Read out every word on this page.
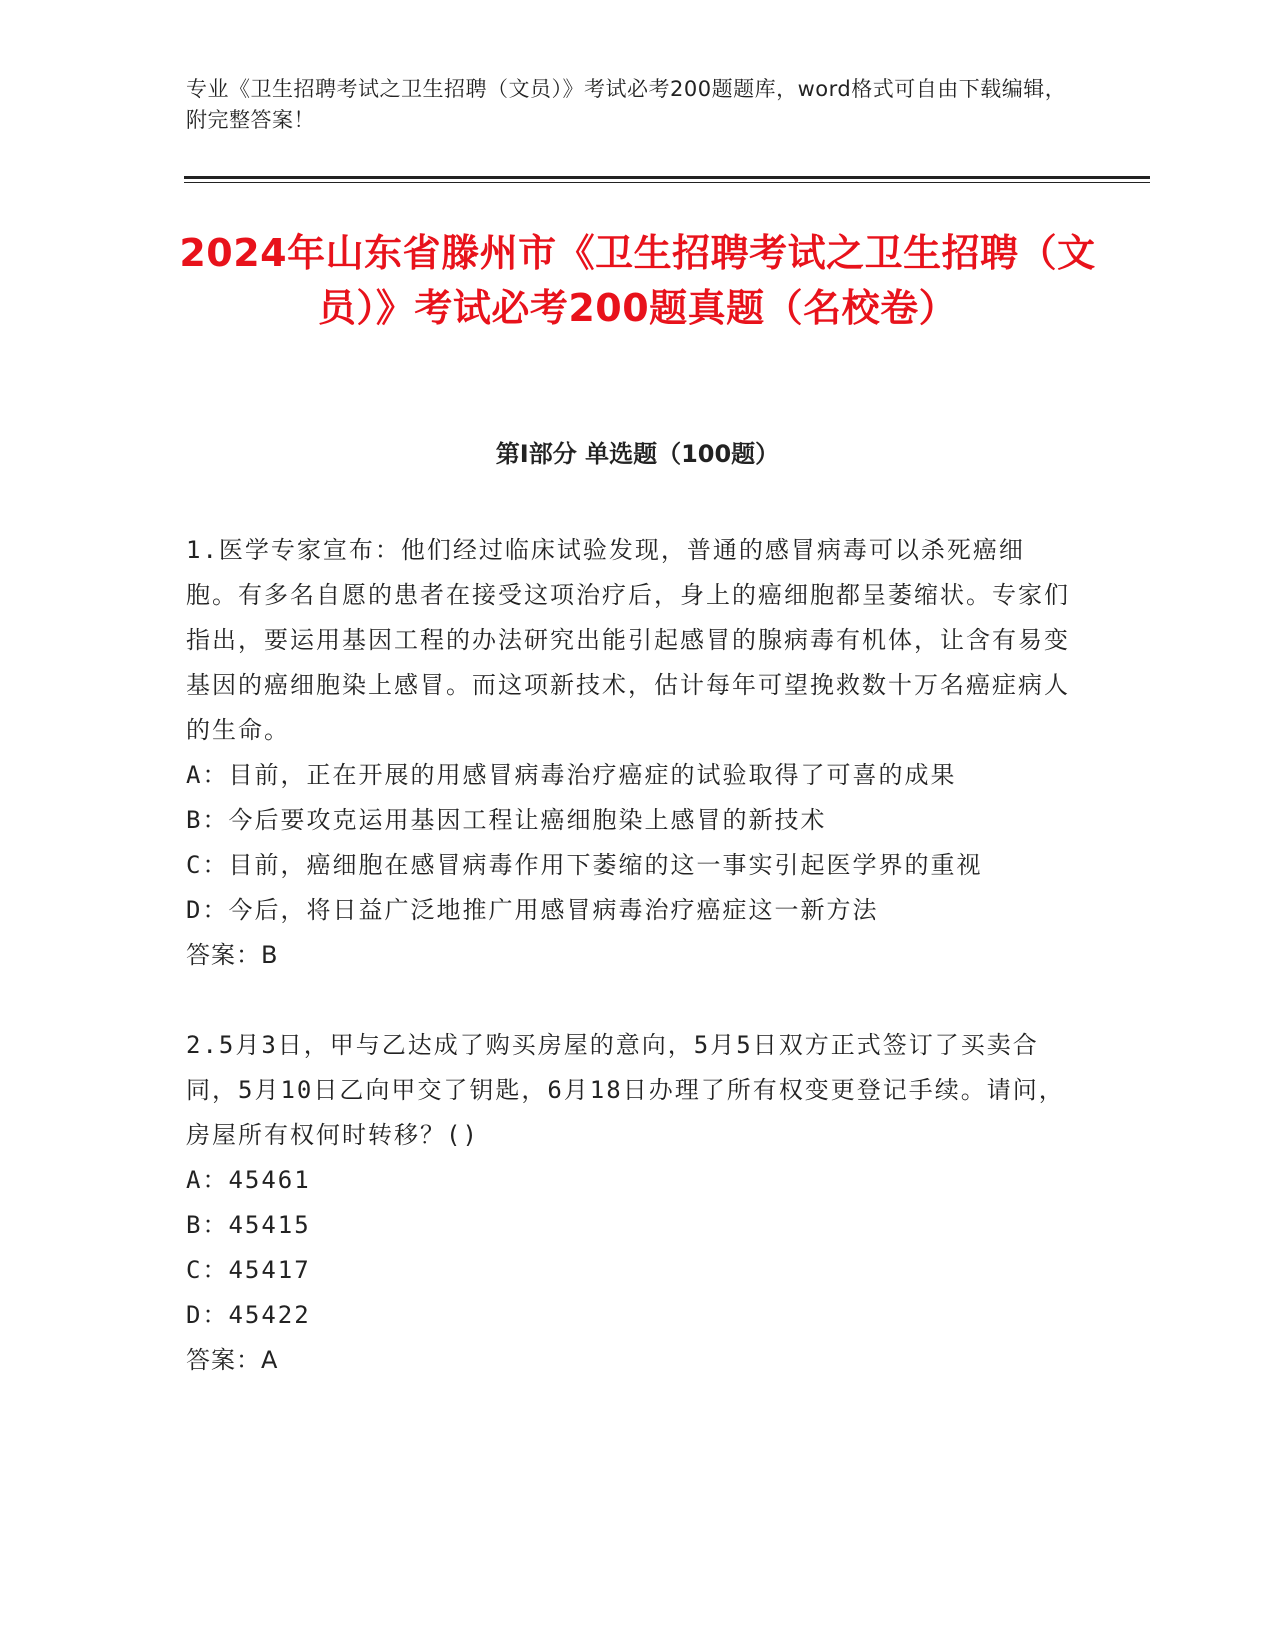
专业《卫生招聘考试之卫生招聘（文员）》考试必考200题题库，word格式可自由下载编辑，附完整答案！
2024年山东省滕州市《卫生招聘考试之卫生招聘（文员）》考试必考200题真题（名校卷）
第I部分 单选题（100题）

1.医学专家宣布：他们经过临床试验发现，普通的感冒病毒可以杀死癌细胞。有多名自愿的患者在接受这项治疗后，身上的癌细胞都呈萎缩状。专家们指出，要运用基因工程的办法研究出能引起感冒的腺病毒有机体，让含有易变基因的癌细胞染上感冒。而这项新技术，估计每年可望挽救数十万名癌症病人的生命。

A：目前，正在开展的用感冒病毒治疗癌症的试验取得了可喜的成果

B：今后要攻克运用基因工程让癌细胞染上感冒的新技术

C：目前，癌细胞在感冒病毒作用下萎缩的这一事实引起医学界的重视

D：今后，将日益广泛地推广用感冒病毒治疗癌症这一新方法

答案：B

2.5月3日，甲与乙达成了购买房屋的意向，5月5日双方正式签订了买卖合同，5月10日乙向甲交了钥匙，6月18日办理了所有权变更登记手续。请问，房屋所有权何时转移？()

A：45461

B：45415

C：45417

D：45422

答案：A
